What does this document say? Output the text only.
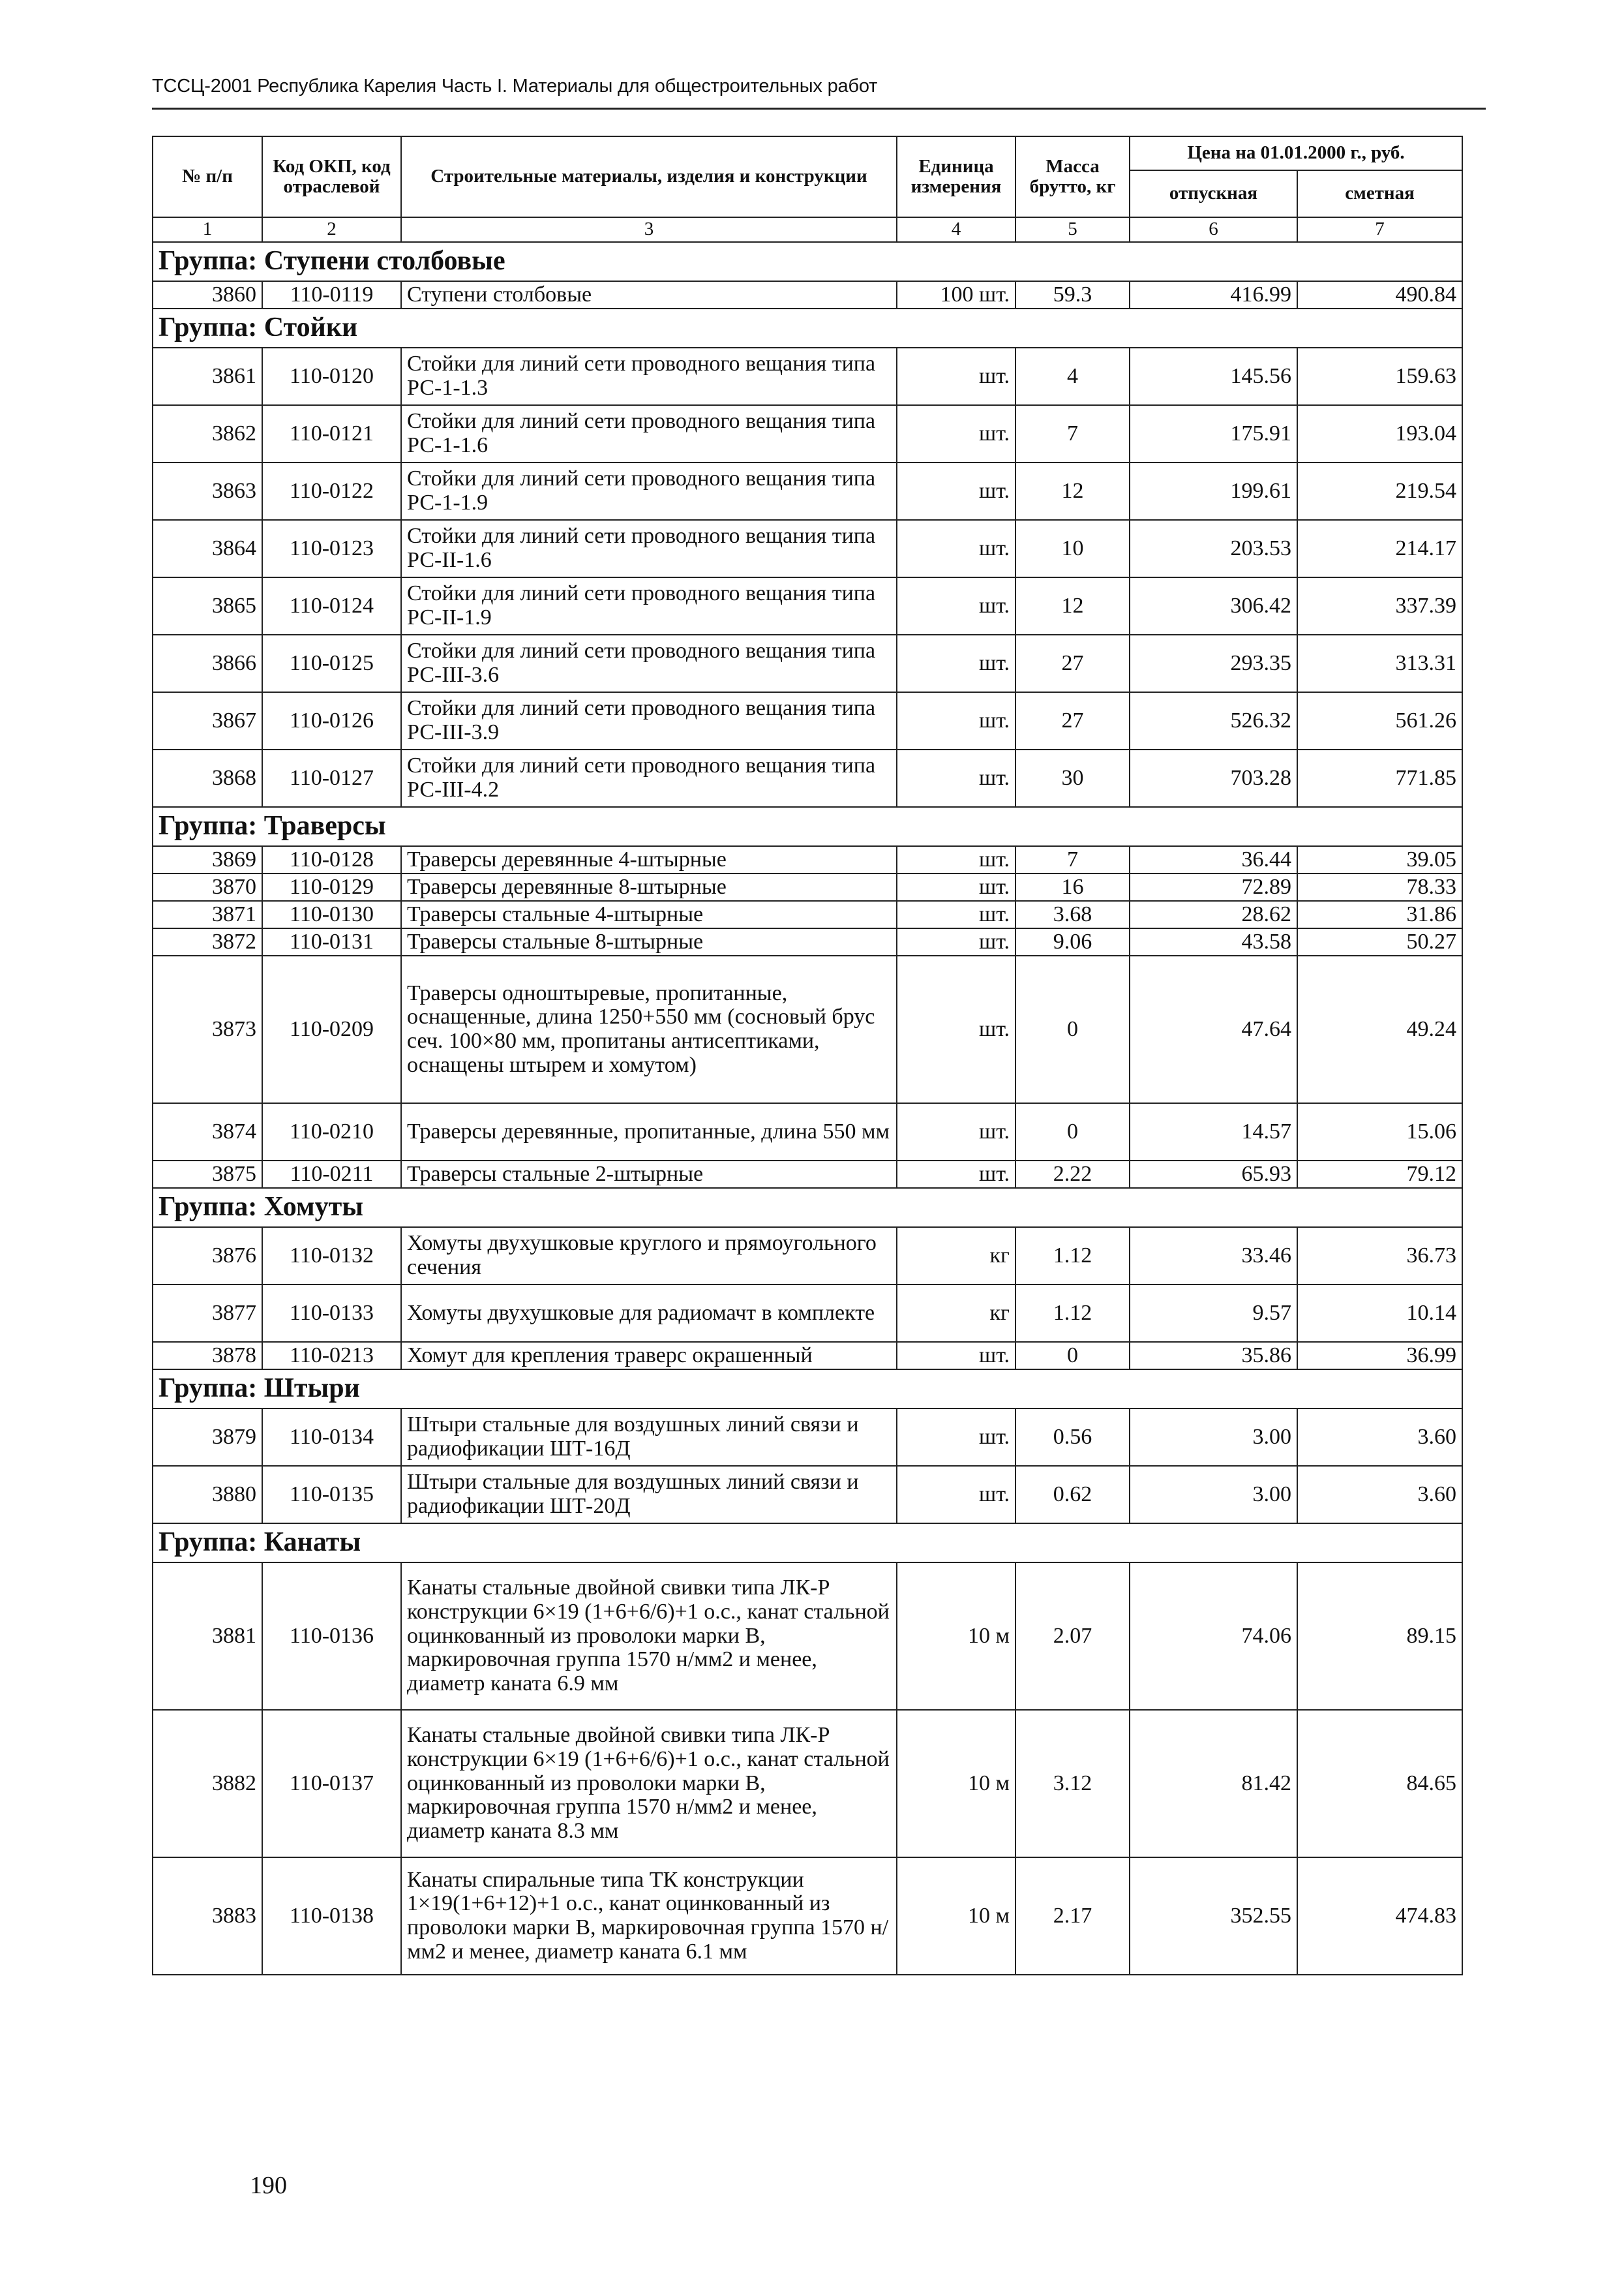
ТССЦ-2001 Республика Карелия Часть I. Материалы для общестроительных работ
№ п/п	Код ОКП, код отраслевой	Строительные материалы, изделия и конструкции	Единица измерения	Масса брутто, кг	Цена на 01.01.2000 г., руб.	
					отпускная	сметная
1	2	3	4	5	6	7
Группа: Ступени столбовые						
3860	110-0119	Ступени столбовые	100 шт.	59.3	416.99	490.84
Группа: Стойки						
3861	110-0120	Стойки для линий сети проводного вещания типа РС-1-1.3	шт.	4	145.56	159.63
3862	110-0121	Стойки для линий сети проводного вещания типа РС-1-1.6	шт.	7	175.91	193.04
3863	110-0122	Стойки для линий сети проводного вещания типа РС-1-1.9	шт.	12	199.61	219.54
3864	110-0123	Стойки для линий сети проводного вещания типа РС-II-1.6	шт.	10	203.53	214.17
3865	110-0124	Стойки для линий сети проводного вещания типа РС-II-1.9	шт.	12	306.42	337.39
3866	110-0125	Стойки для линий сети проводного вещания типа РС-III-3.6	шт.	27	293.35	313.31
3867	110-0126	Стойки для линий сети проводного вещания типа РС-III-3.9	шт.	27	526.32	561.26
3868	110-0127	Стойки для линий сети проводного вещания типа РС-III-4.2	шт.	30	703.28	771.85
Группа: Траверсы						
3869	110-0128	Траверсы деревянные 4-штырные	шт.	7	36.44	39.05
3870	110-0129	Траверсы деревянные 8-штырные	шт.	16	72.89	78.33
3871	110-0130	Траверсы стальные 4-штырные	шт.	3.68	28.62	31.86
3872	110-0131	Траверсы стальные 8-штырные	шт.	9.06	43.58	50.27
3873	110-0209	Траверсы одноштыревые, пропитанные, оснащенные, длина 1250+550 мм (сосновый брус сеч. 100×80 мм, пропитаны антисептиками, оснащены штырем и хомутом)	шт.	0	47.64	49.24
3874	110-0210	Траверсы деревянные, пропитанные, длина 550 мм	шт.	0	14.57	15.06
3875	110-0211	Траверсы стальные 2-штырные	шт.	2.22	65.93	79.12
Группа: Хомуты						
3876	110-0132	Хомуты двухушковые круглого и прямоугольного сечения	кг	1.12	33.46	36.73
3877	110-0133	Хомуты двухушковые для радиомачт в комплекте	кг	1.12	9.57	10.14
3878	110-0213	Хомут для крепления траверс окрашенный	шт.	0	35.86	36.99
Группа: Штыри						
3879	110-0134	Штыри стальные для воздушных линий связи и радиофикации ШТ-16Д	шт.	0.56	3.00	3.60
3880	110-0135	Штыри стальные для воздушных линий связи и радиофикации ШТ-20Д	шт.	0.62	3.00	3.60
Группа: Канаты						
3881	110-0136	Канаты стальные двойной свивки типа ЛК-Р конструкции 6×19 (1+6+6/6)+1 о.с., канат стальной оцинкованный из проволоки марки В, маркировочная группа 1570 н/мм2 и менее, диаметр каната 6.9 мм	10 м	2.07	74.06	89.15
3882	110-0137	Канаты стальные двойной свивки типа ЛК-Р конструкции 6×19 (1+6+6/6)+1 о.с., канат стальной оцинкованный из проволоки марки В, маркировочная группа 1570 н/мм2 и менее, диаметр каната 8.3 мм	10 м	3.12	81.42	84.65
3883	110-0138	Канаты спиральные типа ТК конструкции 1×19(1+6+12)+1 о.с., канат оцинкованный из проволоки марки В, маркировочная группа 1570 н/мм2 и менее, диаметр каната 6.1 мм	10 м	2.17	352.55	474.83
190
